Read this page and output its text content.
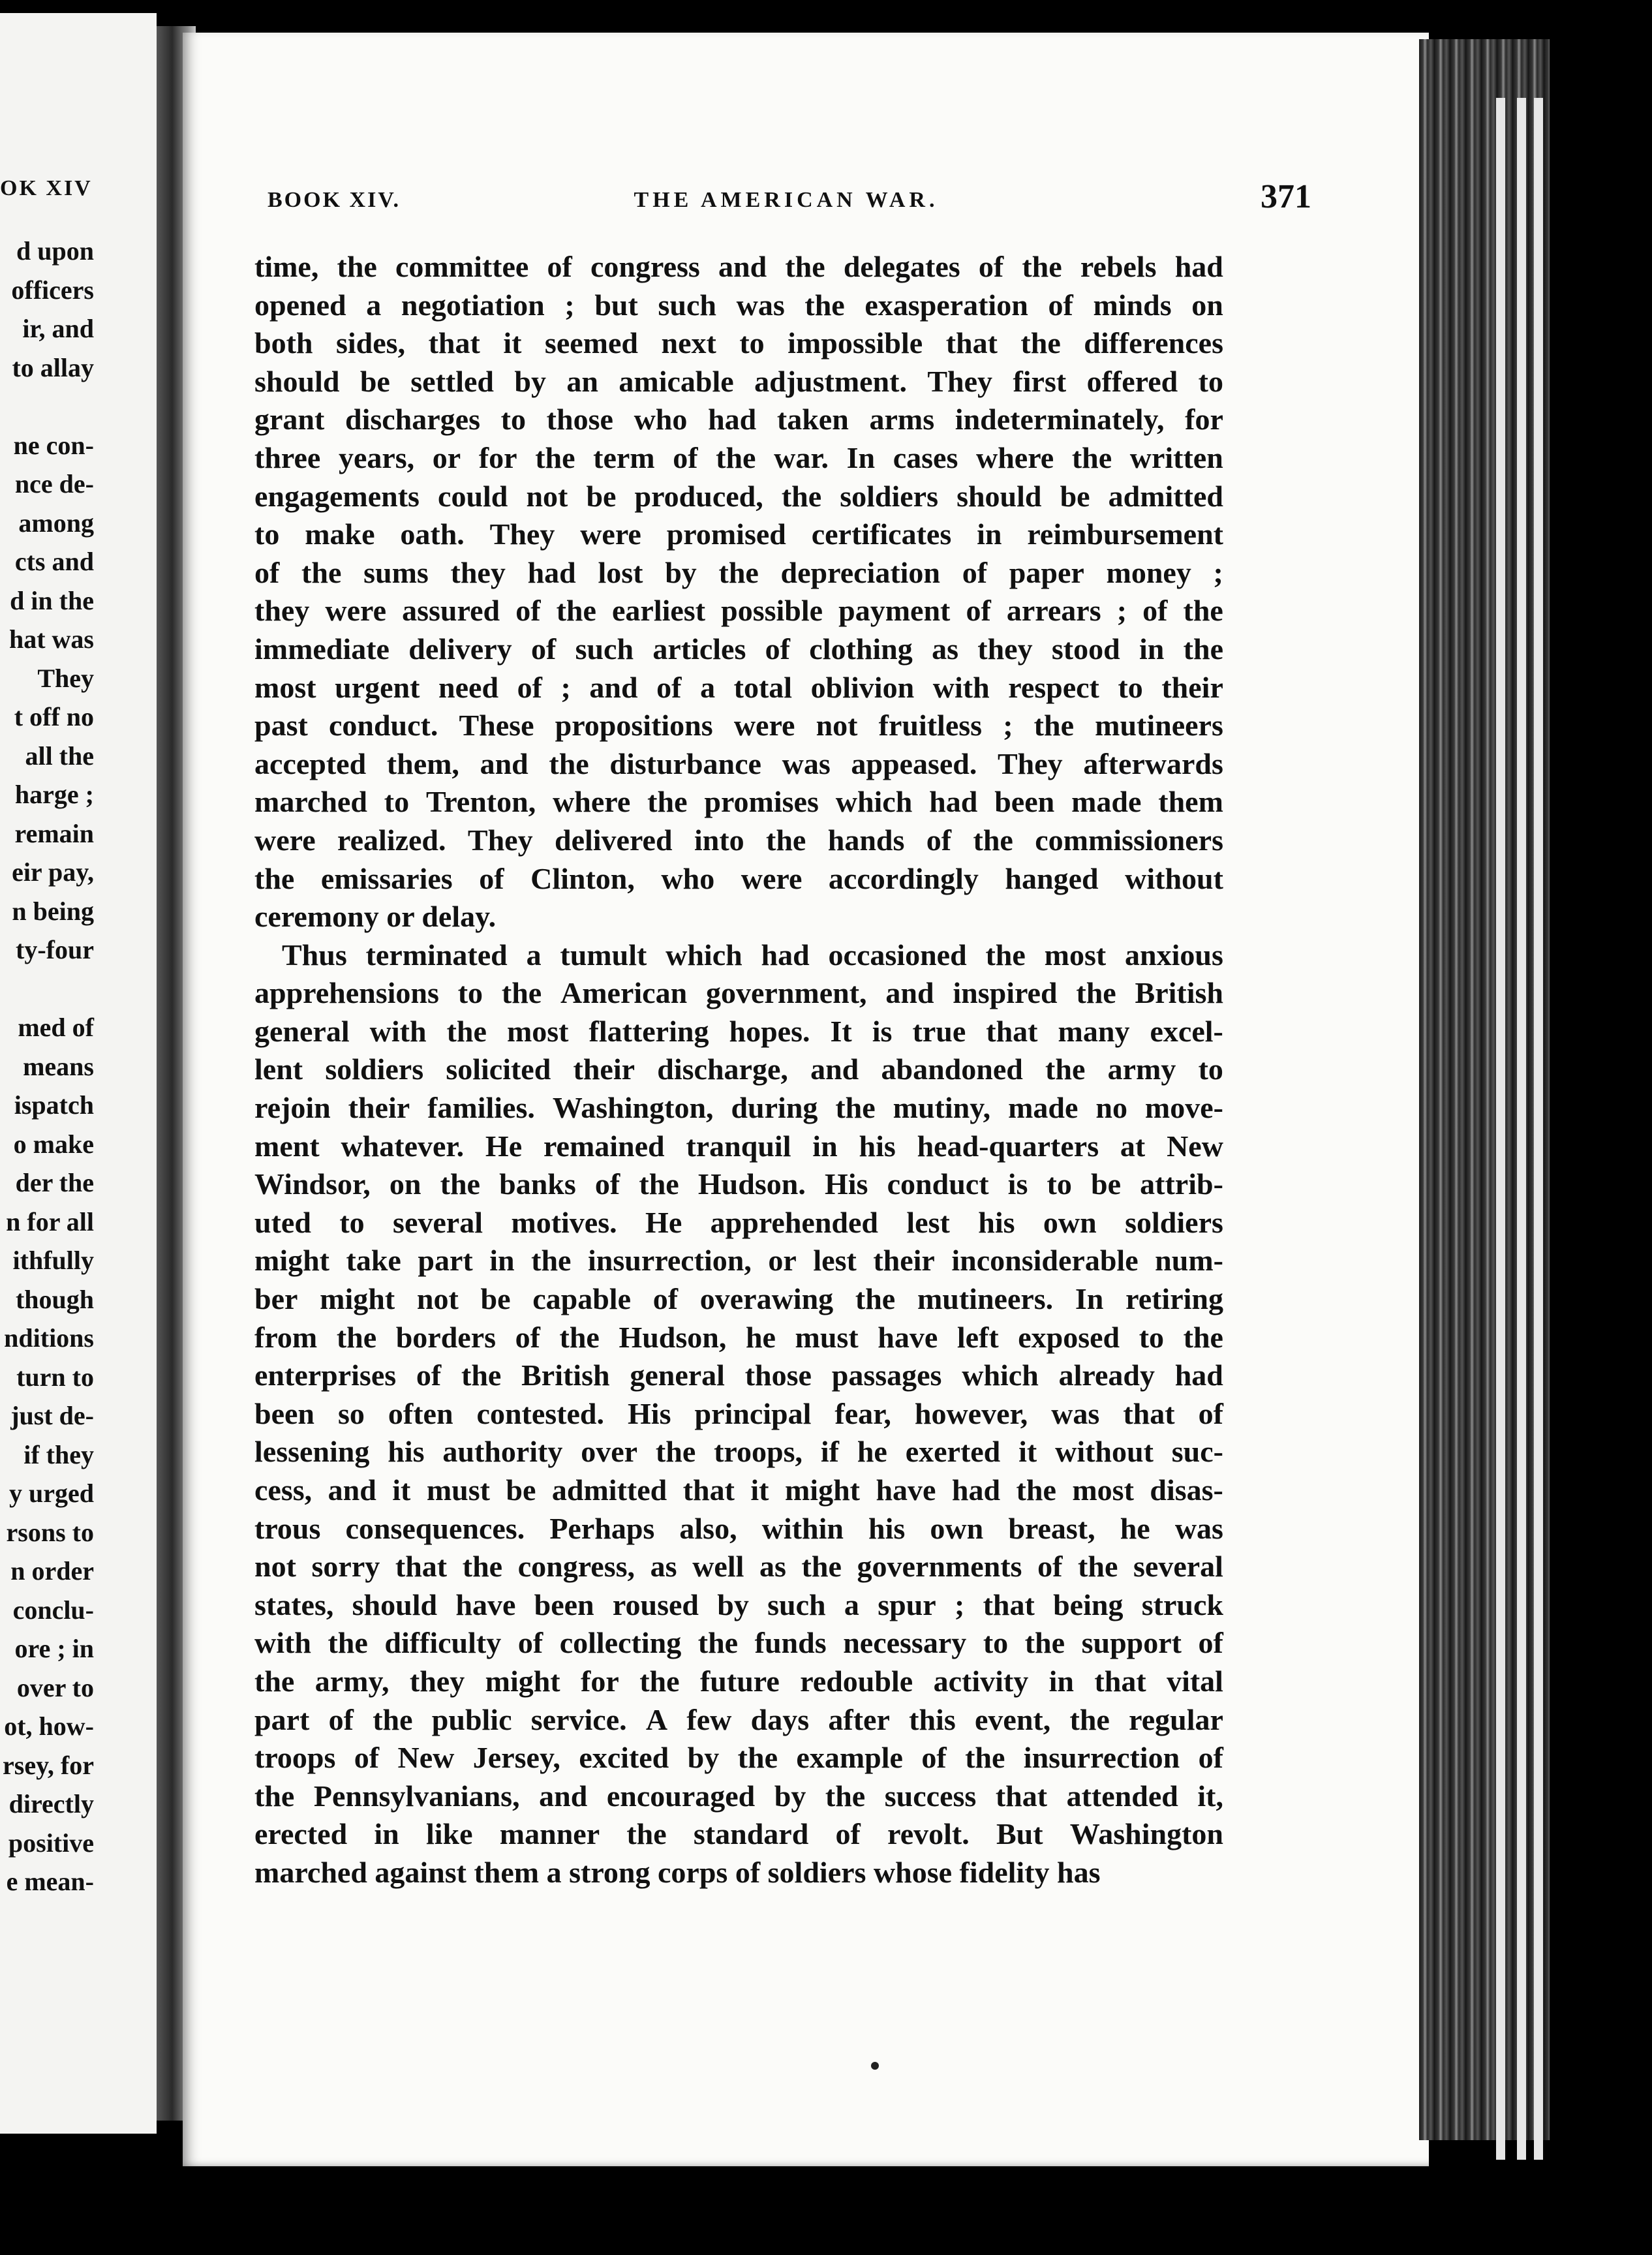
OK XIV
d upon
officers
ir, and
to allay

ne con-
nce de-
among
cts and
d in the
hat was
They
t off no
all the
harge ;
remain
eir pay,
n being
ty-four

med of
means
ispatch
o make
der the
n for all
ithfully
though
nditions
turn to
just de-
if they
y urged
rsons to
n order
conclu-
ore ; in
over to
ot, how-
rsey, for
directly
positive
e mean-
BOOK XIV.	THE AMERICAN WAR.	371
time, the committee of congress and the delegates of the rebels had
opened a negotiation ; but such was the exasperation of minds on
both sides, that it seemed next to impossible that the differences
should be settled by an amicable adjustment. They first offered to
grant discharges to those who had taken arms indeterminately, for
three years, or for the term of the war. In cases where the written
engagements could not be produced, the soldiers should be admitted
to make oath. They were promised certificates in reimbursement
of the sums they had lost by the depreciation of paper money ;
they were assured of the earliest possible payment of arrears ; of the
immediate delivery of such articles of clothing as they stood in the
most urgent need of ; and of a total oblivion with respect to their
past conduct. These propositions were not fruitless ; the mutineers
accepted them, and the disturbance was appeased. They afterwards
marched to Trenton, where the promises which had been made them
were realized. They delivered into the hands of the commissioners
the emissaries of Clinton, who were accordingly hanged without
ceremony or delay.
Thus terminated a tumult which had occasioned the most anxious
apprehensions to the American government, and inspired the British
general with the most flattering hopes. It is true that many excel-
lent soldiers solicited their discharge, and abandoned the army to
rejoin their families. Washington, during the mutiny, made no move-
ment whatever. He remained tranquil in his head-quarters at New
Windsor, on the banks of the Hudson. His conduct is to be attrib-
uted to several motives. He apprehended lest his own soldiers
might take part in the insurrection, or lest their inconsiderable num-
ber might not be capable of overawing the mutineers. In retiring
from the borders of the Hudson, he must have left exposed to the
enterprises of the British general those passages which already had
been so often contested. His principal fear, however, was that of
lessening his authority over the troops, if he exerted it without suc-
cess, and it must be admitted that it might have had the most disas-
trous consequences. Perhaps also, within his own breast, he was
not sorry that the congress, as well as the governments of the several
states, should have been roused by such a spur ; that being struck
with the difficulty of collecting the funds necessary to the support of
the army, they might for the future redouble activity in that vital
part of the public service. A few days after this event, the regular
troops of New Jersey, excited by the example of the insurrection of
the Pennsylvanians, and encouraged by the success that attended it,
erected in like manner the standard of revolt. But Washington
marched against them a strong corps of soldiers whose fidelity has
